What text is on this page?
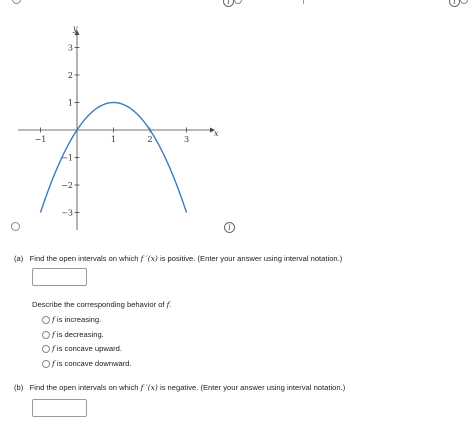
i	i
−1	1	2	3
3
2
1
−1
−2
−3
x
y
i
(a) Find the open intervals on which f ′(x) is positive. (Enter your answer using interval notation.)
Describe the corresponding behavior of f.
f is increasing.
f is decreasing.
f is concave upward.
f is concave downward.
(b) Find the open intervals on which f ′(x) is negative. (Enter your answer using interval notation.)
